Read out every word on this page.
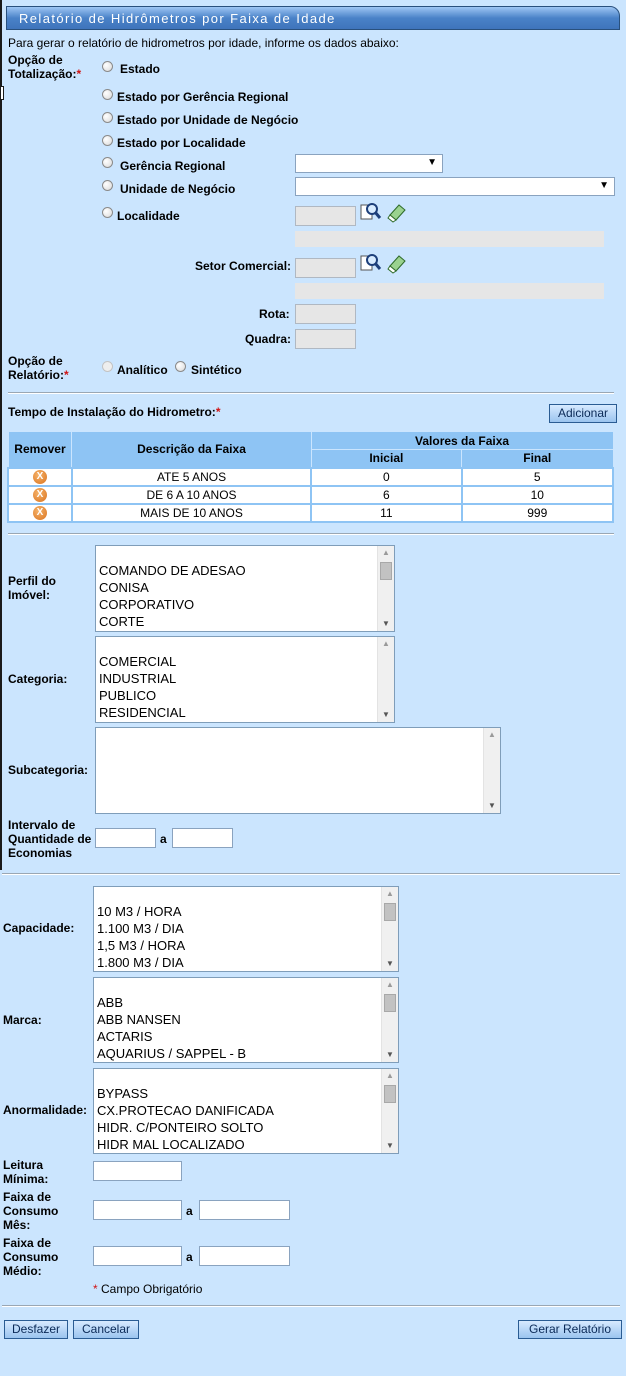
Relatório de Hidrômetros por Faixa de Idade
Para gerar o relatório de hidrometros por idade, informe os dados abaixo:
Opção de Totalização:*	Estado
Estado por Gerência Regional
Estado por Unidade de Negócio
Estado por Localidade
Gerência Regional	▼
Unidade de Negócio	▼
Localidade
Setor Comercial:
Rota:
Quadra:
Opção de Relatório:*	Analítico Sintético
Tempo de Instalação do Hidrometro:*	Adicionar
Remover	Descrição da Faixa	Valores da Faixa	
		Inicial	Final
X	ATE 5 ANOS	0	5
X	DE 6 A 10 ANOS	6	10
X	MAIS DE 10 ANOS	11	999
Perfil do Imóvel:
COMANDO DE ADESAO
CONISA
CORPORATIVO
CORTE
▲
▼
Categoria:
COMERCIAL
INDUSTRIAL
PUBLICO
RESIDENCIAL
▲
▼
Subcategoria:
▲
▼
Intervalo de Quantidade de Economias
a
Capacidade:
10 M3 / HORA
1.100 M3 / DIA
1,5 M3 / HORA
1.800 M3 / DIA
▲
▼
Marca:
ABB
ABB NANSEN
ACTARIS
AQUARIUS / SAPPEL - B
▲
▼
Anormalidade:
BYPASS
CX.PROTECAO DANIFICADA
HIDR. C/PONTEIRO SOLTO
HIDR MAL LOCALIZADO
▲
▼
Leitura Mínima:
Faixa de Consumo Mês:
a
Faixa de Consumo Médio:
a
* Campo Obrigatório
Desfazer	Cancelar	Gerar Relatório
